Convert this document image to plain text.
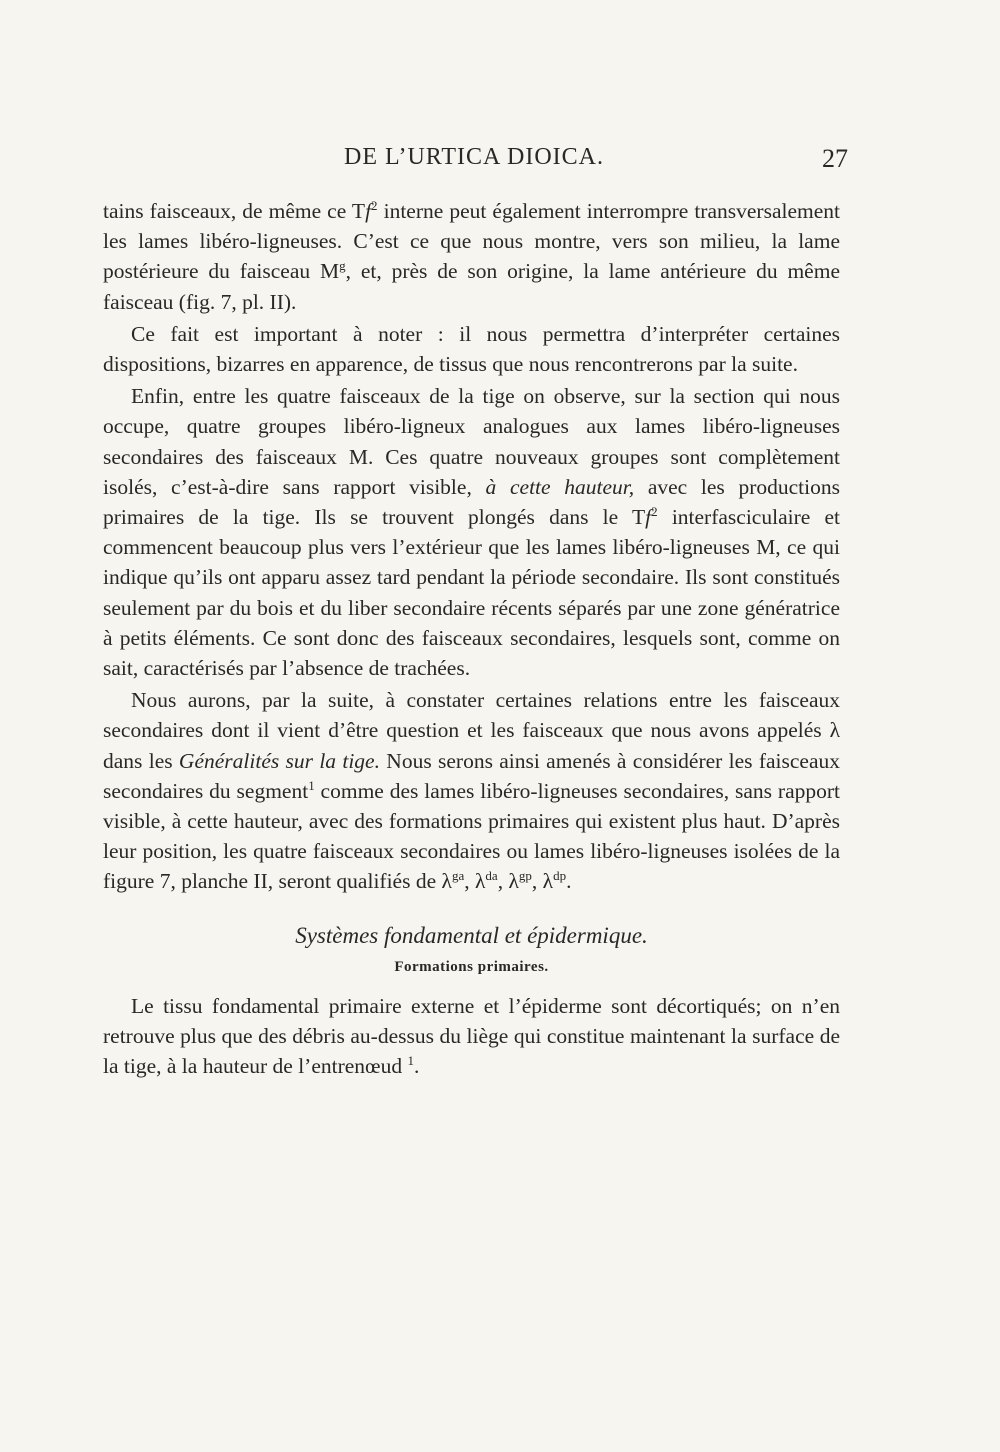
DE L’URTICA DIOICA.	27

tains faisceaux, de même ce Tf$^2$ interne peut également interrompre transversalement les lames libéro-ligneuses. C’est ce que nous montre, vers son milieu, la lame postérieure du faisceau $M^g$, et, près de son origine, la lame antérieure du même faisceau (fig. 7, pl. II).

Ce fait est important à noter : il nous permettra d’interpréter certaines dispositions, bizarres en apparence, de tissus que nous rencontrerons par la suite.

Enfin, entre les quatre faisceaux de la tige on observe, sur la section qui nous occupe, quatre groupes libéro-ligneux analogues aux lames libéro-ligneuses secondaires des faisceaux M. Ces quatre nouveaux groupes sont complètement isolés, c’est-à-dire sans rapport visible, à cette hauteur, avec les productions primaires de la tige. Ils se trouvent plongés dans le Tf$^2$ interfasciculaire et commencent beaucoup plus vers l’extérieur que les lames libéro-ligneuses M, ce qui indique qu’ils ont apparu assez tard pendant la période secondaire. Ils sont constitués seulement par du bois et du liber secondaire récents séparés par une zone génératrice à petits éléments. Ce sont donc des faisceaux secondaires, lesquels sont, comme on sait, caractérisés par l’absence de trachées.

Nous aurons, par la suite, à constater certaines relations entre les faisceaux secondaires dont il vient d’être question et les faisceaux que nous avons appelés λ dans les Généralités sur la tige. Nous serons ainsi amenés à considérer les faisceaux secondaires du segment$^1$ comme des lames libéro-ligneuses secondaires, sans rapport visible, à cette hauteur, avec des formations primaires qui existent plus haut. D’après leur position, les quatre faisceaux secondaires ou lames libéro-ligneuses isolées de la figure 7, planche II, seront qualifiés de $\lambda^{ga}$, $\lambda^{da}$, $\lambda^{gp}$, $\lambda^{dp}$.

Systèmes fondamental et épidermique.
Formations primaires.

Le tissu fondamental primaire externe et l’épiderme sont décortiqués; on n’en retrouve plus que des débris au-dessus du liège qui constitue maintenant la surface de la tige, à la hauteur de l’entrenœud $^1$.
